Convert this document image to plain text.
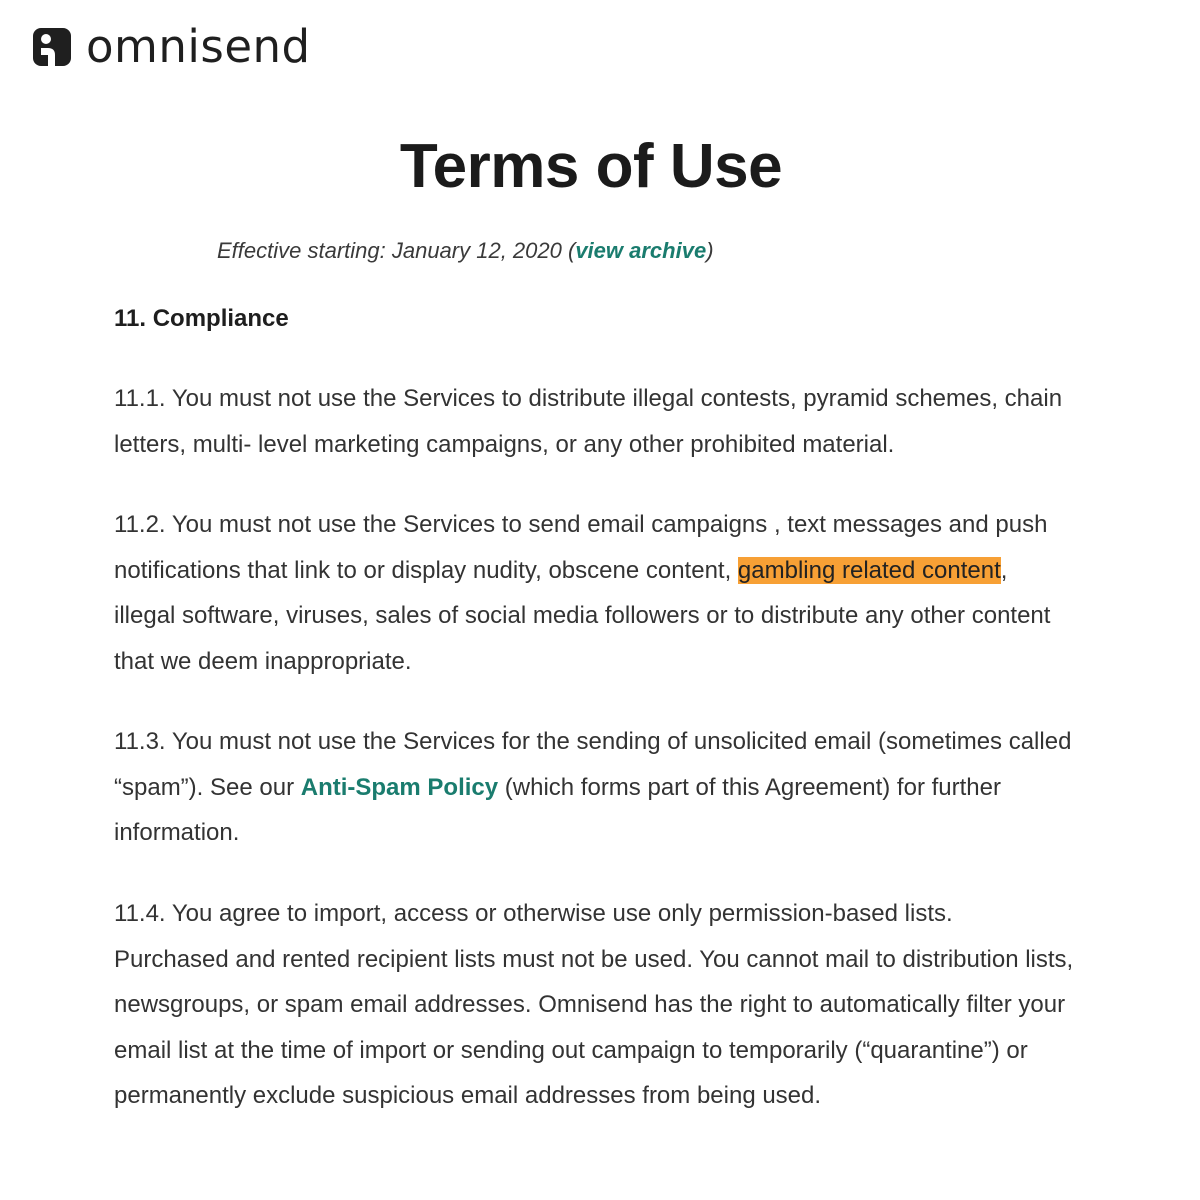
omnisend
Terms of Use
Effective starting: January 12, 2020 (view archive)
11. Compliance

11.1. You must not use the Services to distribute illegal contests, pyramid schemes, chain letters, multi- level marketing campaigns, or any other prohibited material.

11.2. You must not use the Services to send email campaigns , text messages and push notifications that link to or display nudity, obscene content, gambling related content, illegal software, viruses, sales of social media followers or to distribute any other content that we deem inappropriate.

11.3. You must not use the Services for the sending of unsolicited email (sometimes called “spam”). See our Anti-Spam Policy (which forms part of this Agreement) for further information.

11.4. You agree to import, access or otherwise use only permission-based lists. Purchased and rented recipient lists must not be used. You cannot mail to distribution lists, newsgroups, or spam email addresses. Omnisend has the right to automatically filter your email list at the time of import or sending out campaign to temporarily (“quarantine”) or permanently exclude suspicious email addresses from being used.
